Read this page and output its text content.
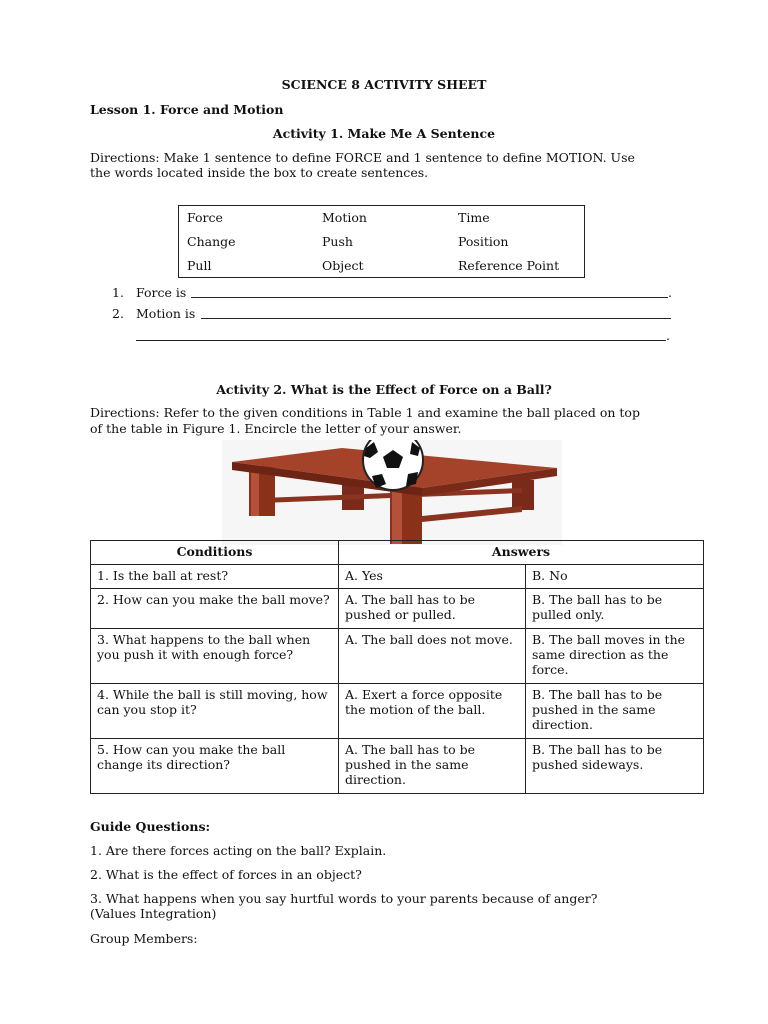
SCIENCE 8 ACTIVITY SHEET
Lesson 1. Force and Motion
Activity 1. Make Me A Sentence
Directions: Make 1 sentence to define FORCE and 1 sentence to define MOTION. Use
the words located inside the box to create sentences.
Force	Motion	Time
Change	Push	Position
Pull	Object	Reference Point
1. Force is	.
2. Motion is
.
Activity 2. What is the Effect of Force on a Ball?
Directions: Refer to the given conditions in Table 1 and examine the ball placed on top
of the table in Figure 1. Encircle the letter of your answer.
Conditions	Answers	
1. Is the ball at rest?	A. Yes	B. No
2. How can you make the ball move?	A. The ball has to be pushed or pulled.	B. The ball has to be pulled only.
3. What happens to the ball when you push it with enough force?	A. The ball does not move.	B. The ball moves in the same direction as the force.
4. While the ball is still moving, how can you stop it?	A. Exert a force opposite the motion of the ball.	B. The ball has to be pushed in the same direction.
5. How can you make the ball change its direction?	A. The ball has to be pushed in the same direction.	B. The ball has to be pushed sideways.
Guide Questions:
1. Are there forces acting on the ball? Explain.
2. What is the effect of forces in an object?
3. What happens when you say hurtful words to your parents because of anger?
(Values Integration)
Group Members:
